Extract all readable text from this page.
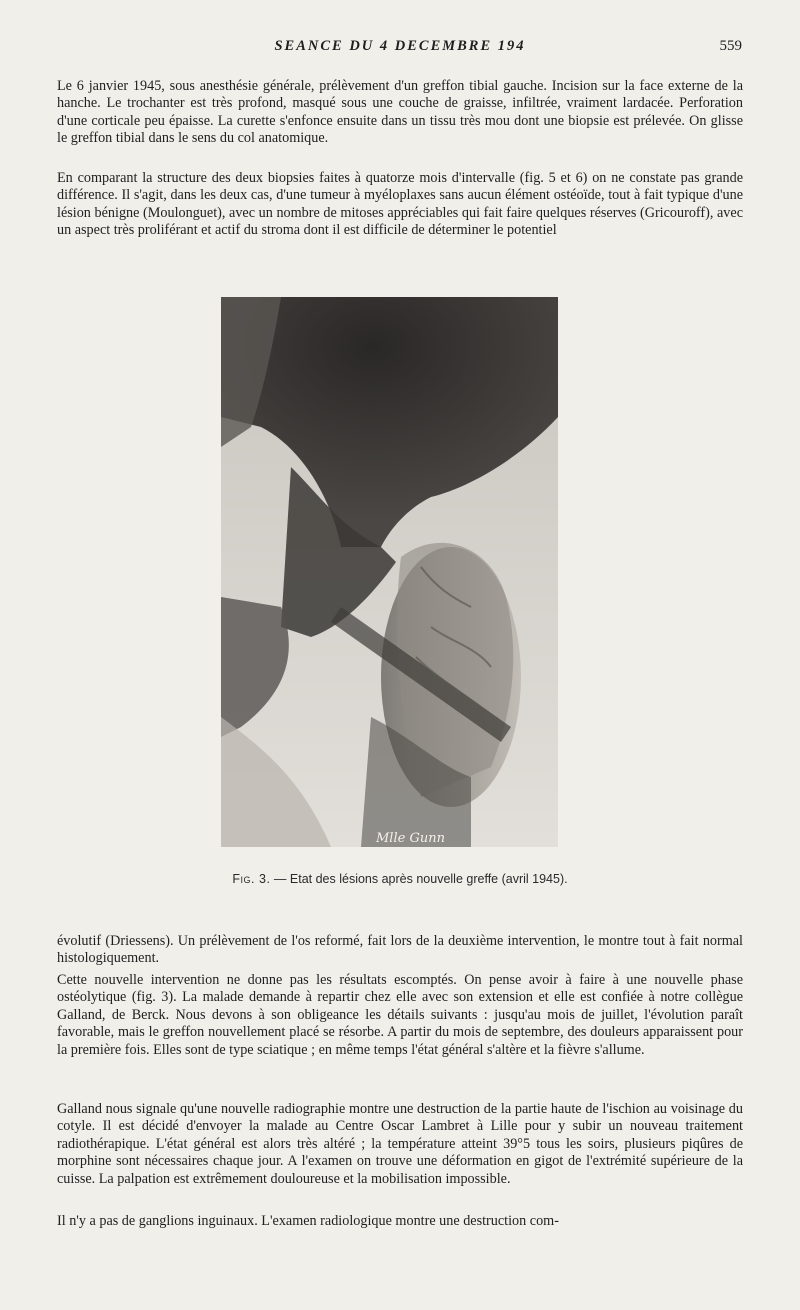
SEANCE DU 4 DECEMBRE 194	559

Le 6 janvier 1945, sous anesthésie générale, prélèvement d'un greffon tibial gauche. Incision sur la face externe de la hanche. Le trochanter est très profond, masqué sous une couche de graisse, infiltrée, vraiment lardacée. Perforation d'une corticale peu épaisse. La curette s'enfonce ensuite dans un tissu très mou dont une biopsie est prélevée. On glisse le greffon tibial dans le sens du col anatomique.

En comparant la structure des deux biopsies faites à quatorze mois d'intervalle (fig. 5 et 6) on ne constate pas grande différence. Il s'agit, dans les deux cas, d'une tumeur à myéloplaxes sans aucun élément ostéoïde, tout à fait typique d'une lésion bénigne (Moulonguet), avec un nombre de mitoses appréciables qui fait faire quelques réserves (Gricouroff), avec un aspect très proliférant et actif du stroma dont il est difficile de déterminer le potentiel

Mlle Gunn
Fig. 3. — Etat des lésions après nouvelle greffe (avril 1945).

évolutif (Driessens). Un prélèvement de l'os reformé, fait lors de la deuxième intervention, le montre tout à fait normal histologiquement.

Cette nouvelle intervention ne donne pas les résultats escomptés. On pense avoir à faire à une nouvelle phase ostéolytique (fig. 3). La malade demande à repartir chez elle avec son extension et elle est confiée à notre collègue Galland, de Berck. Nous devons à son obligeance les détails suivants : jusqu'au mois de juillet, l'évolution paraît favorable, mais le greffon nouvellement placé se résorbe. A partir du mois de septembre, des douleurs apparaissent pour la première fois. Elles sont de type sciatique ; en même temps l'état général s'altère et la fièvre s'allume.

Galland nous signale qu'une nouvelle radiographie montre une destruction de la partie haute de l'ischion au voisinage du cotyle. Il est décidé d'envoyer la malade au Centre Oscar Lambret à Lille pour y subir un nouveau traitement radiothérapique. L'état général est alors très altéré ; la température atteint 39°5 tous les soirs, plusieurs piqûres de morphine sont nécessaires chaque jour. A l'examen on trouve une déformation en gigot de l'extrémité supérieure de la cuisse. La palpation est extrêmement douloureuse et la mobilisation impossible.

Il n'y a pas de ganglions inguinaux. L'examen radiologique montre une destruction com-
